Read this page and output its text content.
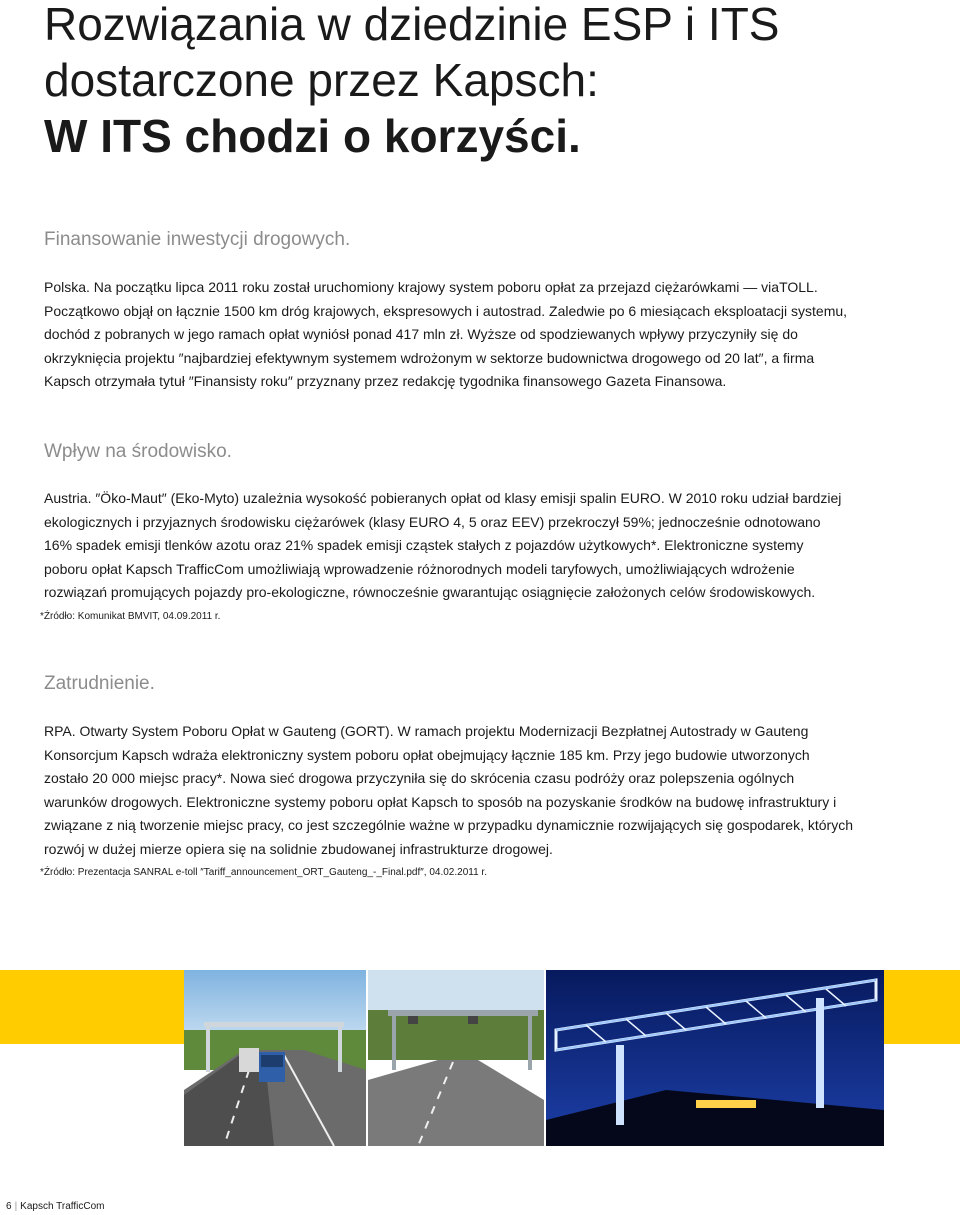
Rozwiązania w dziedzinie ESP i ITS
dostarczone przez Kapsch:
W ITS chodzi o korzyści.
Finansowanie inwestycji drogowych.
Polska. Na początku lipca 2011 roku został uruchomiony krajowy system poboru opłat za przejazd ciężarówkami — viaTOLL.
Początkowo objął on łącznie 1500 km dróg krajowych, ekspresowych i autostrad. Zaledwie po 6 miesiącach eksploatacji systemu,
dochód z pobranych w jego ramach opłat wyniósł ponad 417 mln zł. Wyższe od spodziewanych wpływy przyczyniły się do
okrzyknięcia projektu ″najbardziej efektywnym systemem wdrożonym w sektorze budownictwa drogowego od 20 lat″, a firma
Kapsch otrzymała tytuł ″Finansisty roku″ przyznany przez redakcję tygodnika finansowego Gazeta Finansowa.
Wpływ na środowisko.
Austria. ″Öko-Maut″ (Eko-Myto) uzależnia wysokość pobieranych opłat od klasy emisji spalin EURO. W 2010 roku udział bardziej
ekologicznych i przyjaznych środowisku ciężarówek (klasy EURO 4, 5 oraz EEV) przekroczył 59%; jednocześnie odnotowano
16% spadek emisji tlenków azotu oraz 21% spadek emisji cząstek stałych z pojazdów użytkowych*. Elektroniczne systemy
poboru opłat Kapsch TrafficCom umożliwiają wprowadzenie różnorodnych modeli taryfowych, umożliwiających wdrożenie
rozwiązań promujących pojazdy pro-ekologiczne, równocześnie gwarantując osiągnięcie założonych celów środowiskowych.

*Źródło: Komunikat BMVIT, 04.09.2011 r.

Zatrudnienie.
RPA. Otwarty System Poboru Opłat w Gauteng (GORT). W ramach projektu Modernizacji Bezpłatnej Autostrady w Gauteng
Konsorcjum Kapsch wdraża elektroniczny system poboru opłat obejmujący łącznie 185 km. Przy jego budowie utworzonych
zostało 20 000 miejsc pracy*. Nowa sieć drogowa przyczyniła się do skrócenia czasu podróży oraz polepszenia ogólnych
warunków drogowych. Elektroniczne systemy poboru opłat Kapsch to sposób na pozyskanie środków na budowę infrastruktury i
związane z nią tworzenie miejsc pracy, co jest szczególnie ważne w przypadku dynamicznie rozwijających się gospodarek, których
rozwój w dużej mierze opiera się na solidnie zbudowanej infrastrukturze drogowej.

*Źródło: Prezentacja SANRAL e-toll ″Tariff_announcement_ORT_Gauteng_-_Final.pdf″, 04.02.2011 r.

6 | Kapsch TrafficCom
